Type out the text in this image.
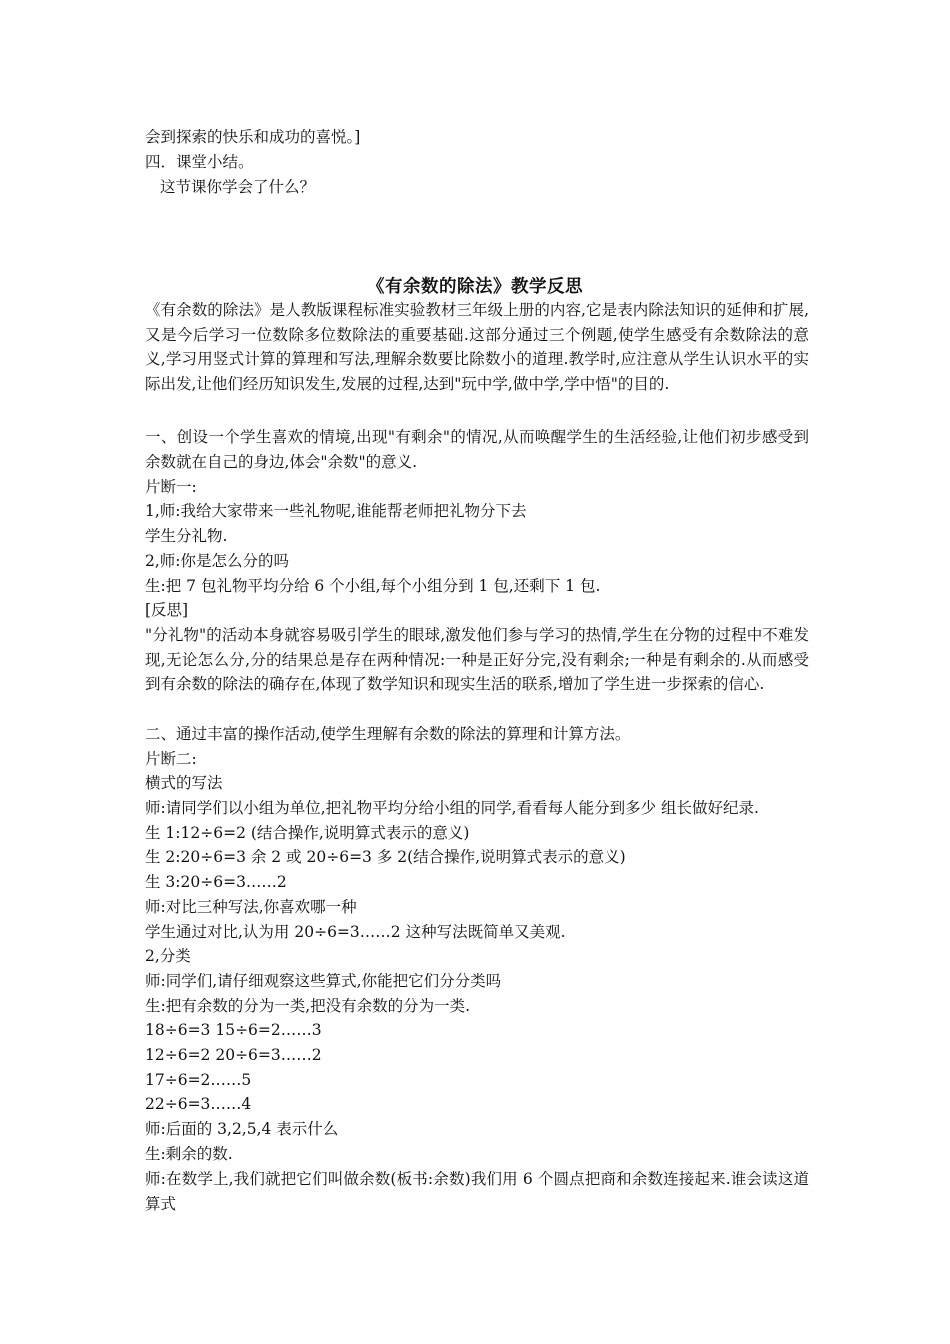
会到探索的快乐和成功的喜悦。]
四．课堂小结。
这节课你学会了什么？
《有余数的除法》教学反思
《有余数的除法》是人教版课程标准实验教材三年级上册的内容,它是表内除法知识的延伸和扩展,又是今后学习一位数除多位数除法的重要基础.这部分通过三个例题,使学生感受有余数除法的意义,学习用竖式计算的算理和写法,理解余数要比除数小的道理.教学时,应注意从学生认识水平的实际出发,让他们经历知识发生,发展的过程,达到"玩中学,做中学,学中悟"的目的.
一、创设一个学生喜欢的情境,出现"有剩余"的情况,从而唤醒学生的生活经验,让他们初步感受到余数就在自己的身边,体会"余数"的意义.
片断一:
1,师:我给大家带来一些礼物呢,谁能帮老师把礼物分下去
学生分礼物.
2,师:你是怎么分的吗
生:把 7 包礼物平均分给 6 个小组,每个小组分到 1 包,还剩下 1 包.
[反思]
"分礼物"的活动本身就容易吸引学生的眼球,激发他们参与学习的热情,学生在分物的过程中不难发现,无论怎么分,分的结果总是存在两种情况:一种是正好分完,没有剩余;一种是有剩余的.从而感受到有余数的除法的确存在,体现了数学知识和现实生活的联系,增加了学生进一步探索的信心.
二、通过丰富的操作活动,使学生理解有余数的除法的算理和计算方法。
片断二:
横式的写法
师:请同学们以小组为单位,把礼物平均分给小组的同学,看看每人能分到多少 组长做好纪录.
生 1:12÷6=2 (结合操作,说明算式表示的意义)
生 2:20÷6=3 余 2 或 20÷6=3 多 2(结合操作,说明算式表示的意义)
生 3:20÷6=3……2
师:对比三种写法,你喜欢哪一种
学生通过对比,认为用 20÷6=3……2 这种写法既简单又美观.
2,分类
师:同学们,请仔细观察这些算式,你能把它们分分类吗
生:把有余数的分为一类,把没有余数的分为一类.
18÷6=3 15÷6=2……3
12÷6=2 20÷6=3……2
17÷6=2……5
22÷6=3……4
师:后面的 3,2,5,4 表示什么
生:剩余的数.
师:在数学上,我们就把它们叫做余数(板书:余数)我们用 6 个圆点把商和余数连接起来.谁会读这道算式
